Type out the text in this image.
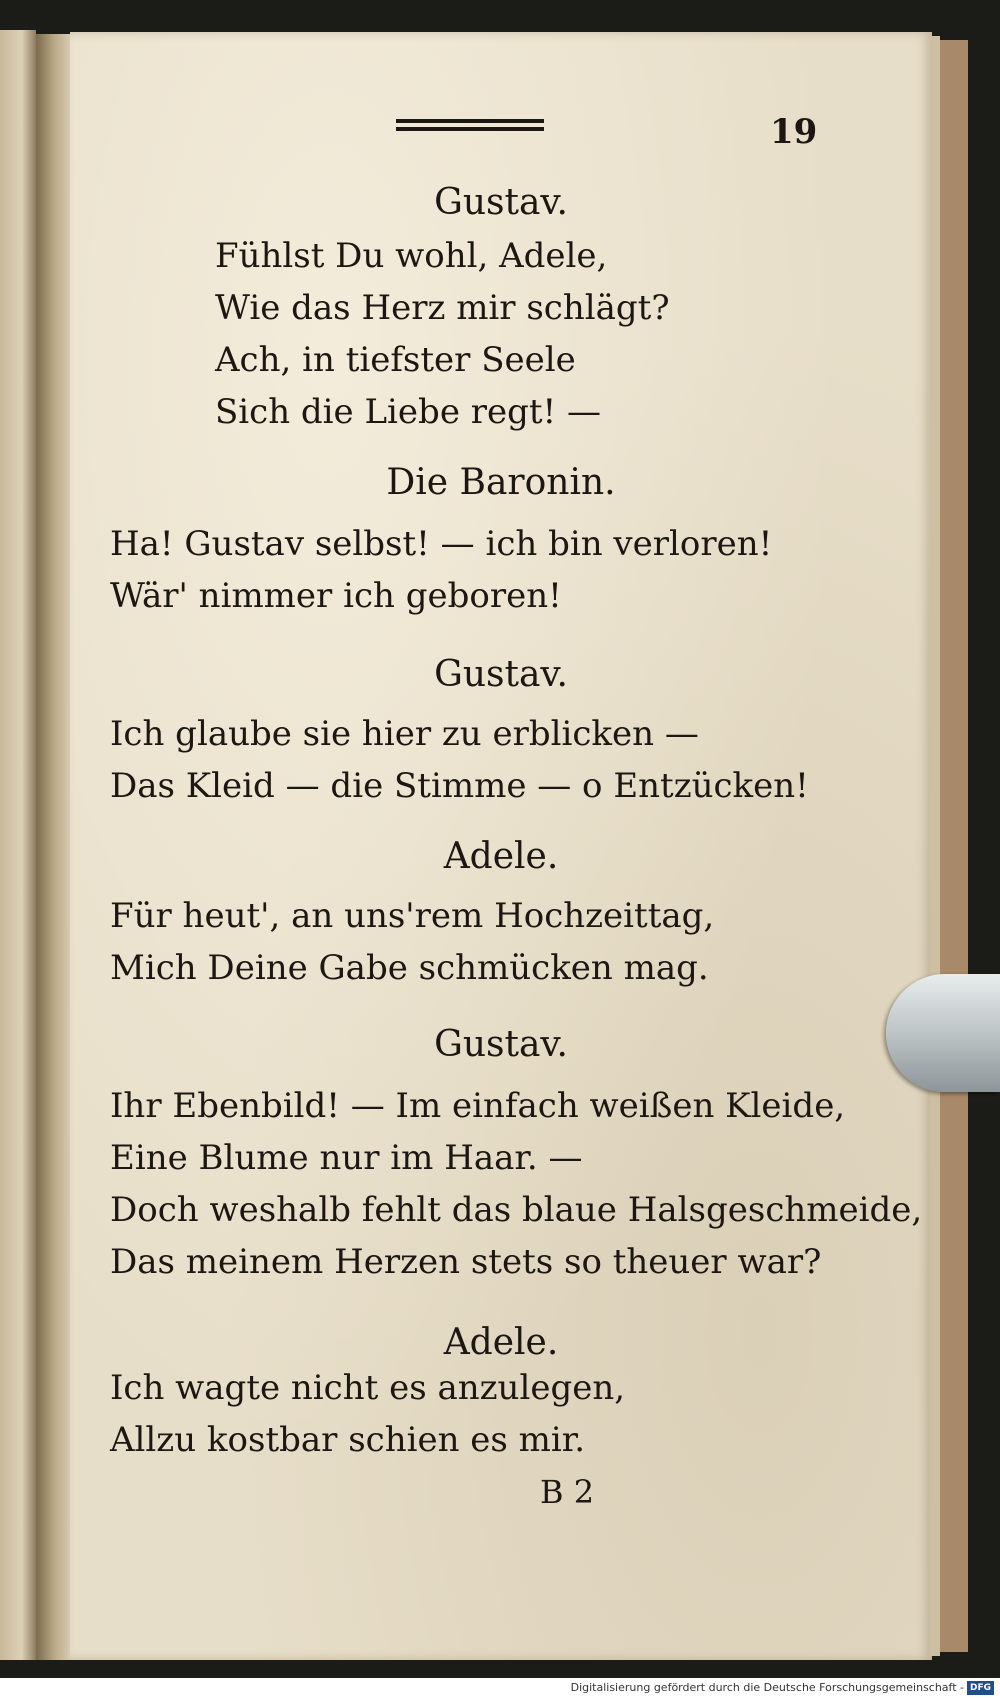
19
Gustav.
Fühlst Du wohl, Adele,
Wie das Herz mir schlägt?
Ach, in tiefster Seele
Sich die Liebe regt! —
Die Baronin.
Ha! Gustav selbst! — ich bin verloren!
Wär' nimmer ich geboren!
Gustav.
Ich glaube sie hier zu erblicken —
Das Kleid — die Stimme — o Entzücken!
Adele.
Für heut', an uns'rem Hochzeittag,
Mich Deine Gabe schmücken mag.
Gustav.
Ihr Ebenbild! — Im einfach weißen Kleide,
Eine Blume nur im Haar. —
Doch weshalb fehlt das blaue Halsgeschmeide,
Das meinem Herzen stets so theuer war?
Adele.
Ich wagte nicht es anzulegen,
Allzu kostbar schien es mir.
B 2
Digitalisierung gefördert durch die Deutsche Forschungsgemeinschaft - DFG
